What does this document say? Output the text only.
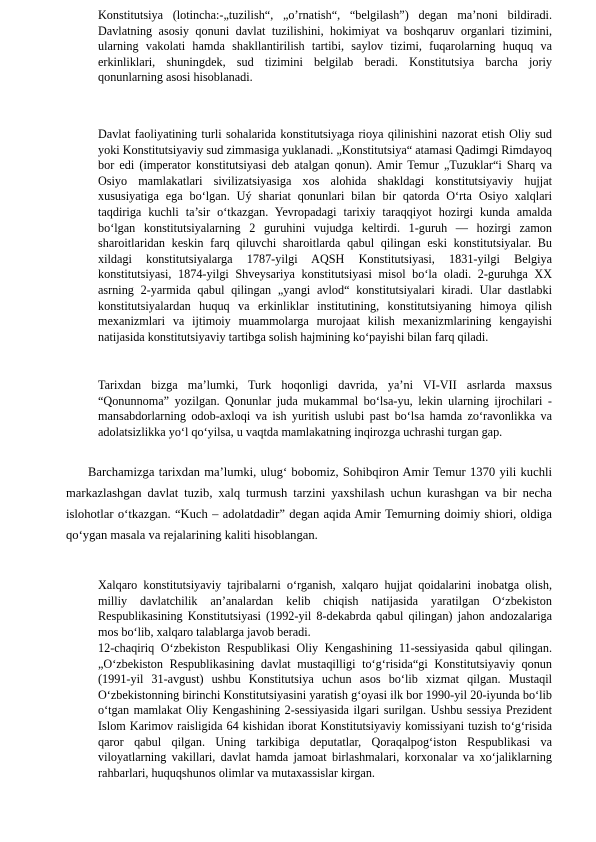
Konstitutsiya (lotincha:-„tuzilish“, „o’rnatish“, “belgilash”) degan ma’noni bildiradi. Davlatning asosiy qonuni davlat tuzilishini, hokimiyat va boshqaruv organlari tizimini, ularning vakolati hamda shakllantirilish tartibi, saylov tizimi, fuqarolarning huquq va erkinliklari, shuningdek, sud tizimini belgilab beradi. Konstitutsiya barcha joriy qonunlarning asosi hisoblanadi.

Davlat faoliyatining turli sohalarida konstitutsiyaga rioya qilinishini nazorat etish Oliy sud yoki Konstitutsiyaviy sud zimmasiga yuklanadi. „Konstitutsiya“ atamasi Qadimgi Rimdayoq bor edi (imperator konstitutsiyasi deb atalgan qonun). Amir Temur „Tuzuklar“i Sharq va Osiyo mamlakatlari sivilizatsiyasiga xos alohida shakldagi konstitutsiyaviy hujjat xususiyatiga ega bo‘lgan. Uý shariat qonunlari bilan bir qatorda O‘rta Osiyo xalqlari taqdiriga kuchli ta’sir o‘tkazgan. Yevropadagi tarixiy taraqqiyot hozirgi kunda amalda bo‘lgan konstitutsiyalarning 2 guruhini vujudga keltirdi. 1-guruh — hozirgi zamon sharoitlaridan keskin farq qiluvchi sharoitlarda qabul qilingan eski konstitutsiyalar. Bu xildagi konstitutsiyalarga 1787-yilgi AQSH Konstitutsiyasi, 1831-yilgi Belgiya konstitutsiyasi, 1874-yilgi Shveysariya konstitutsiyasi misol bo‘la oladi. 2-guruhga XX asrning 2-yarmida qabul qilingan „yangi avlod“ konstitutsiyalari kiradi. Ular dastlabki konstitutsiyalardan huquq va erkinliklar institutining, konstitutsiyaning himoya qilish mexanizmlari va ijtimoiy muammolarga murojaat kilish mexanizmlarining kengayishi natijasida konstitutsiyaviy tartibga solish hajmining ko‘payishi bilan farq qiladi.

Tarixdan bizga ma’lumki, Turk hoqonligi davrida, ya’ni VI-VII asrlarda maxsus “Qonunnoma” yozilgan. Qonunlar juda mukammal bo‘lsa-yu, lekin ularning ijrochilari - mansabdorlarning odob-axloqi va ish yuritish uslubi past bo‘lsa hamda zo‘ravonlikka va adolatsizlikka yo‘l qo‘yilsa, u vaqtda mamlakatning inqirozga uchrashi turgan gap.

Barchamizga tarixdan ma’lumki, ulug‘ bobomiz, Sohibqiron Amir Temur 1370 yili kuchli markazlashgan davlat tuzib, xalq turmush tarzini yaxshilash uchun kurashgan va bir necha islohotlar o‘tkazgan. “Kuch – adolatdadir” degan aqida Amir Temurning doimiy shiori, oldiga qo‘ygan masala va rejalarining kaliti hisoblangan.

Xalqaro konstitutsiyaviy tajribalarni o‘rganish, xalqaro hujjat qoidalarini inobatga olish, milliy davlatchilik an’analardan kelib chiqish natijasida yaratilgan O‘zbekiston Respublikasining Konstitutsiyasi (1992-yil 8-dekabrda qabul qilingan) jahon andozalariga mos bo‘lib, xalqaro talablarga javob beradi.

12-chaqiriq O‘zbekiston Respublikasi Oliy Kengashining 11-sessiyasida qabul qilingan. „O‘zbekiston Respublikasining davlat mustaqilligi to‘g‘risida“gi Konstitutsiyaviy qonun (1991-yil 31-avgust) ushbu Konstitutsiya uchun asos bo‘lib xizmat qilgan. Mustaqil O‘zbekistonning birinchi Konstitutsiyasini yaratish g‘oyasi ilk bor 1990-yil 20-iyunda bo‘lib o‘tgan mamlakat Oliy Kengashining 2-sessiyasida ilgari surilgan. Ushbu sessiya Prezident Islom Karimov raisligida 64 kishidan iborat Konstitutsiyaviy komissiyani tuzish to‘g‘risida qaror qabul qilgan. Uning tarkibiga deputatlar, Qoraqalpog‘iston Respublikasi va viloyatlarning vakillari, davlat hamda jamoat birlashmalari, korxonalar va xo‘jaliklarning rahbarlari, huquqshunos olimlar va mutaxassislar kirgan.
